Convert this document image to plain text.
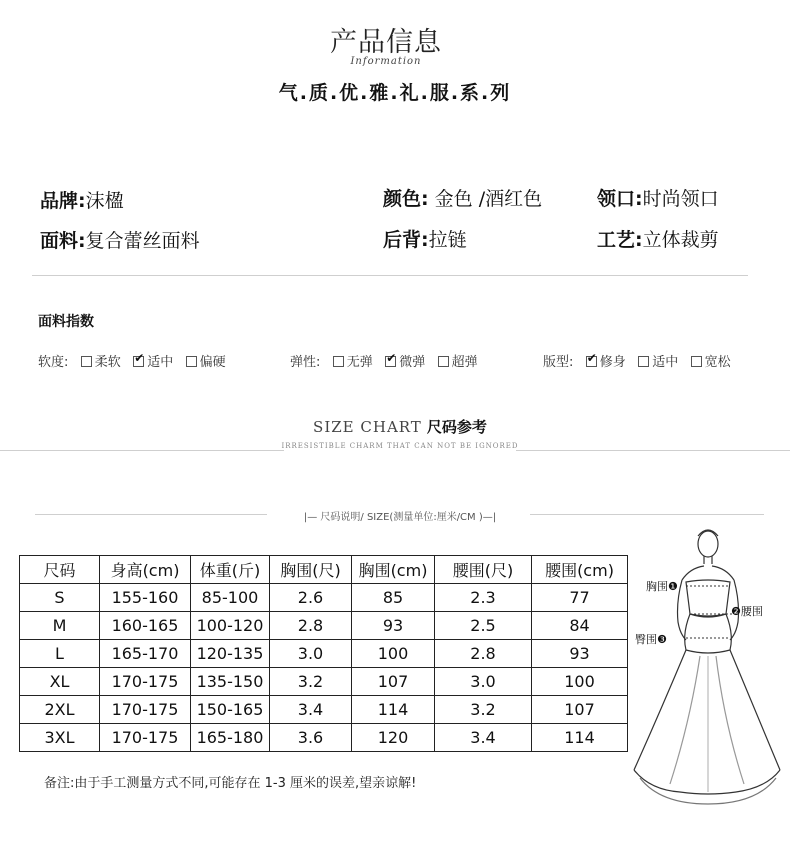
产品信息
Information
气.质.优.雅.礼.服.系.列
品牌:沫楹	颜色: 金色 /酒红色	领口:时尚领口
面料:复合蕾丝面料	后背:拉链	工艺:立体裁剪
面料指数
软度: 柔软 ✔ 适中 偏硬	弹性: 无弹 ✔ 微弹 超弹	版型: ✔ 修身 适中 宽松
SIZE CHART 尺码参考
IRRESISTIBLE CHARM THAT CAN NOT BE IGNORED
|— 尺码说明/ SIZE(测量单位:厘米/CM )—|
尺码	身高(cm)	体重(斤)	胸围(尺)	胸围(cm)	腰围(尺)	腰围(cm)
S	155-160	85-100	2.6	85	2.3	77
M	160-165	100-120	2.8	93	2.5	84
L	165-170	120-135	3.0	100	2.8	93
XL	170-175	135-150	3.2	107	3.0	100
2XL	170-175	150-165	3.4	114	3.2	107
3XL	170-175	165-180	3.6	120	3.4	114
胸围❶
❷腰围
臀围❸
备注:由于手工测量方式不同,可能存在 1-3 厘米的误差,望亲谅解!
